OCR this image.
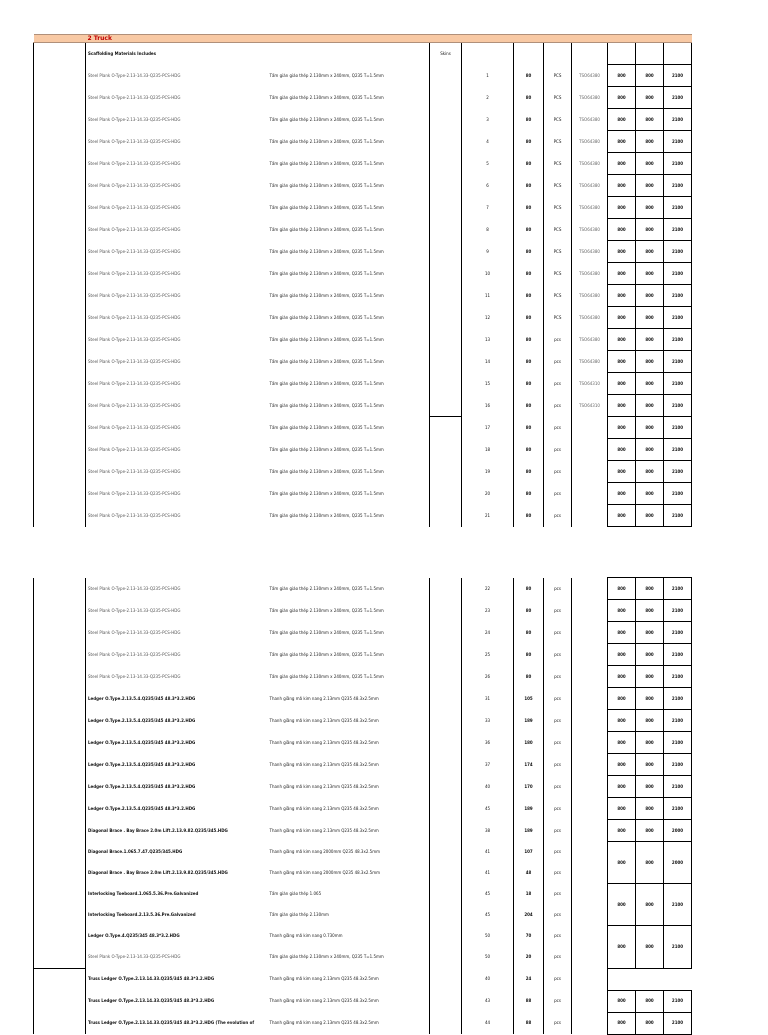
	2 Truck									
	Scaffolding Materials Includes		Skins							
	Steel Plank O-Type-2.13-14.33-Q235-PCS-HDG	Tấm giàn giáo thép 2.130mm x 240mm, Q235 T=1.5mm		1	80	PCS	TSO64380	800	800	2100
	Steel Plank O-Type-2.13-14.33-Q235-PCS-HDG	Tấm giàn giáo thép 2.130mm x 240mm, Q235 T=1.5mm		2	80	PCS	TSO64380	800	800	2100
	Steel Plank O-Type-2.13-14.33-Q235-PCS-HDG	Tấm giàn giáo thép 2.130mm x 240mm, Q235 T=1.5mm		3	80	PCS	TSO64380	800	800	2100
	Steel Plank O-Type-2.13-14.33-Q235-PCS-HDG	Tấm giàn giáo thép 2.130mm x 240mm, Q235 T=1.5mm		4	80	PCS	TSO64380	800	800	2100
	Steel Plank O-Type-2.13-14.33-Q235-PCS-HDG	Tấm giàn giáo thép 2.130mm x 240mm, Q235 T=1.5mm		5	80	PCS	TSO64380	800	800	2100
	Steel Plank O-Type-2.13-14.33-Q235-PCS-HDG	Tấm giàn giáo thép 2.130mm x 240mm, Q235 T=1.5mm		6	80	PCS	TSO64380	800	800	2100
	Steel Plank O-Type-2.13-14.33-Q235-PCS-HDG	Tấm giàn giáo thép 2.130mm x 240mm, Q235 T=1.5mm		7	80	PCS	TSO64380	800	800	2100
	Steel Plank O-Type-2.13-14.33-Q235-PCS-HDG	Tấm giàn giáo thép 2.130mm x 240mm, Q235 T=1.5mm		8	80	PCS	TSO64380	800	800	2100
	Steel Plank O-Type-2.13-14.33-Q235-PCS-HDG	Tấm giàn giáo thép 2.130mm x 240mm, Q235 T=1.5mm		9	80	PCS	TSO64380	800	800	2100
	Steel Plank O-Type-2.13-14.33-Q235-PCS-HDG	Tấm giàn giáo thép 2.130mm x 240mm, Q235 T=1.5mm		10	80	PCS	TSO64380	800	800	2100
	Steel Plank O-Type-2.13-14.33-Q235-PCS-HDG	Tấm giàn giáo thép 2.130mm x 240mm, Q235 T=1.5mm		11	80	PCS	TSO64380	800	800	2100
	Steel Plank O-Type-2.13-14.33-Q235-PCS-HDG	Tấm giàn giáo thép 2.130mm x 240mm, Q235 T=1.5mm		12	80	PCS	TSO64380	800	800	2100
	Steel Plank O-Type-2.13-14.33-Q235-PCS-HDG	Tấm giàn giáo thép 2.130mm x 240mm, Q235 T=1.5mm		13	80	pcs	TSO64380	800	800	2100
	Steel Plank O-Type-2.13-14.33-Q235-PCS-HDG	Tấm giàn giáo thép 2.130mm x 240mm, Q235 T=1.5mm		14	80	pcs	TSO64380	800	800	2100
	Steel Plank O-Type-2.13-14.33-Q235-PCS-HDG	Tấm giàn giáo thép 2.130mm x 240mm, Q235 T=1.5mm		15	80	pcs	TSO64310	800	800	2100
	Steel Plank O-Type-2.13-14.33-Q235-PCS-HDG	Tấm giàn giáo thép 2.130mm x 240mm, Q235 T=1.5mm		16	80	pcs	TSO64310	800	800	2100
	Steel Plank O-Type-2.13-14.33-Q235-PCS-HDG	Tấm giàn giáo thép 2.130mm x 240mm, Q235 T=1.5mm		17	80	pcs		800	800	2100
	Steel Plank O-Type-2.13-14.33-Q235-PCS-HDG	Tấm giàn giáo thép 2.130mm x 240mm, Q235 T=1.5mm		18	80	pcs		800	800	2100
	Steel Plank O-Type-2.13-14.33-Q235-PCS-HDG	Tấm giàn giáo thép 2.130mm x 240mm, Q235 T=1.5mm		19	80	pcs		800	800	2100
	Steel Plank O-Type-2.13-14.33-Q235-PCS-HDG	Tấm giàn giáo thép 2.130mm x 240mm, Q235 T=1.5mm		20	80	pcs		800	800	2100
	Steel Plank O-Type-2.13-14.33-Q235-PCS-HDG	Tấm giàn giáo thép 2.130mm x 240mm, Q235 T=1.5mm		21	80	pcs		800	800	2100
	Steel Plank O-Type-2.13-14.33-Q235-PCS-HDG	Tấm giàn giáo thép 2.130mm x 240mm, Q235 T=1.5mm		22	80	pcs		800	800	2100
	Steel Plank O-Type-2.13-14.33-Q235-PCS-HDG	Tấm giàn giáo thép 2.130mm x 240mm, Q235 T=1.5mm		23	80	pcs		800	800	2100
	Steel Plank O-Type-2.13-14.33-Q235-PCS-HDG	Tấm giàn giáo thép 2.130mm x 240mm, Q235 T=1.5mm		24	80	pcs		800	800	2100
	Steel Plank O-Type-2.13-14.33-Q235-PCS-HDG	Tấm giàn giáo thép 2.130mm x 240mm, Q235 T=1.5mm		25	80	pcs		800	800	2100
	Steel Plank O-Type-2.13-14.33-Q235-PCS-HDG	Tấm giàn giáo thép 2.130mm x 240mm, Q235 T=1.5mm		26	80	pcs		800	800	2100
	Ledger O.Type.2.13.5.4.Q235/345 48.3*3.2.HDG	Thanh giằng mã kim nang 2.13mm Q235 48.3x2.5mm		31	105	pcs		800	800	2100
	Ledger O.Type.2.13.5.4.Q235/345 48.3*3.2.HDG	Thanh giằng mã kim nang 2.13mm Q235 48.3x2.5mm		33	189	pcs		800	800	2100
	Ledger O.Type.2.13.5.4.Q235/345 48.3*3.2.HDG	Thanh giằng mã kim nang 2.13mm Q235 48.3x2.5mm		36	180	pcs		800	800	2100
	Ledger O.Type.2.13.5.4.Q235/345 48.3*3.2.HDG	Thanh giằng mã kim nang 2.13mm Q235 48.3x2.5mm		37	174	pcs		800	800	2100
	Ledger O.Type.2.13.5.4.Q235/345 48.3*3.2.HDG	Thanh giằng mã kim nang 2.13mm Q235 48.3x2.5mm		40	170	pcs		800	800	2100
	Ledger O.Type.2.13.5.4.Q235/345 48.3*3.2.HDG	Thanh giằng mã kim nang 2.13mm Q235 48.3x2.5mm		45	189	pcs		800	800	2100
	Diagonal Brace . Bay Brace 2.0m Lift.2.13.9.82.Q235/345.HDG	Thanh giằng mã kim nang 2.13mm Q235 48.3x2.5mm		38	189	pcs		800	800	2000
	Diagonal Brace.1.065.7.47.Q235/345.HDG	Thanh giằng mã kim nang 2000mm Q235 48.3x2.5mm		41	107	pcs		800	800	2000
	Diagonal Brace . Bay Brace 2.0m Lift.2.13.9.82.Q235/345.HDG	Thanh giằng mã kim nang 2000mm Q235 48.3x2.5mm		41	48	pcs				
	Interlocking Toeboard.1.065.5.36.Pre.Galvanized	Tấm giàn giáo thép 1.065		45	18	pcs		800	800	2100
	Interlocking Toeboard.2.13.5.36.Pre.Galvanized	Tấm giàn giáo thép 2.130mm		45	204	pcs				
	Ledger O.Type.4.Q235/345 48.3*3.2.HDG	Thanh giằng mã kim nang 0.730mm		50	70	pcs		800	800	2100
	Steel Plank O-Type-2.13-14.33-Q235-PCS-HDG	Tấm giàn giáo thép 2.130mm x 240mm, Q235 T=1.5mm		50	20	pcs				
	Truss Ledger O.Type.2.13.14.33.Q235/345 48.3*3.2.HDG	Thanh giằng mã kim nang 2.13mm Q235 48.3x2.5mm		40	24	pcs				
	Truss Ledger O.Type.2.13.14.33.Q235/345 48.3*3.2.HDG	Thanh giằng mã kim nang 2.13mm Q235 48.3x2.5mm		43	88	pcs		800	800	2100
	Truss Ledger O.Type.2.13.14.33.Q235/345 48.3*3.2.HDG (The evolution of	Thanh giằng mã kim nang 2.13mm Q235 48.3x2.5mm		44	88	pcs		800	800	2100
